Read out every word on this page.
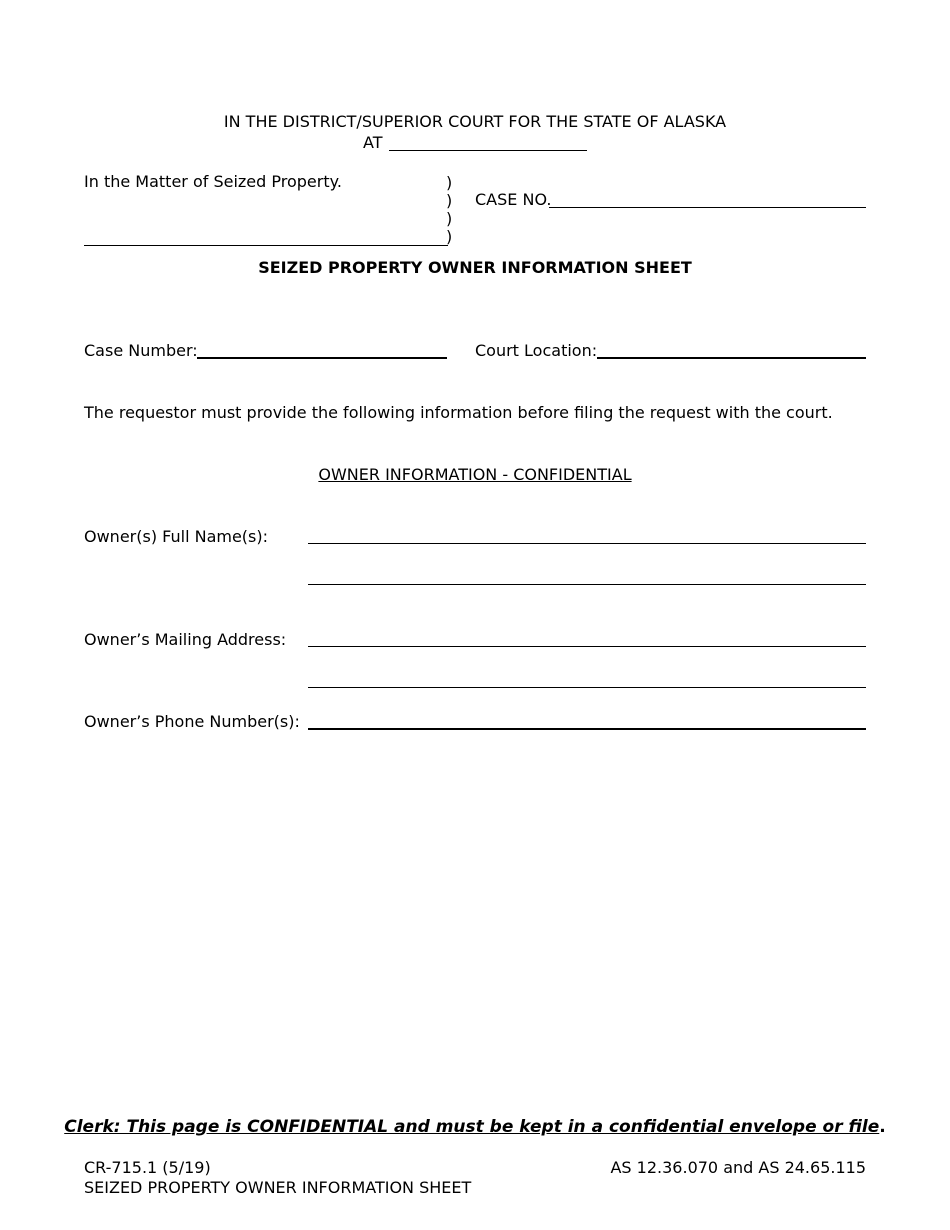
IN THE DISTRICT/SUPERIOR COURT FOR THE STATE OF ALASKA
AT
In the Matter of Seized Property.	)
)
)
)
CASE NO.
SEIZED PROPERTY OWNER INFORMATION SHEET
Case Number:	Court Location:
The requestor must provide the following information before filing the request with the court.
OWNER INFORMATION - CONFIDENTIAL
Owner(s) Full Name(s):
Owner’s Mailing Address:
Owner’s Phone Number(s):
Clerk: This page is CONFIDENTIAL and must be kept in a confidential envelope or file.
CR-715.1 (5/19)
SEIZED PROPERTY OWNER INFORMATION SHEET
AS 12.36.070 and AS 24.65.115
